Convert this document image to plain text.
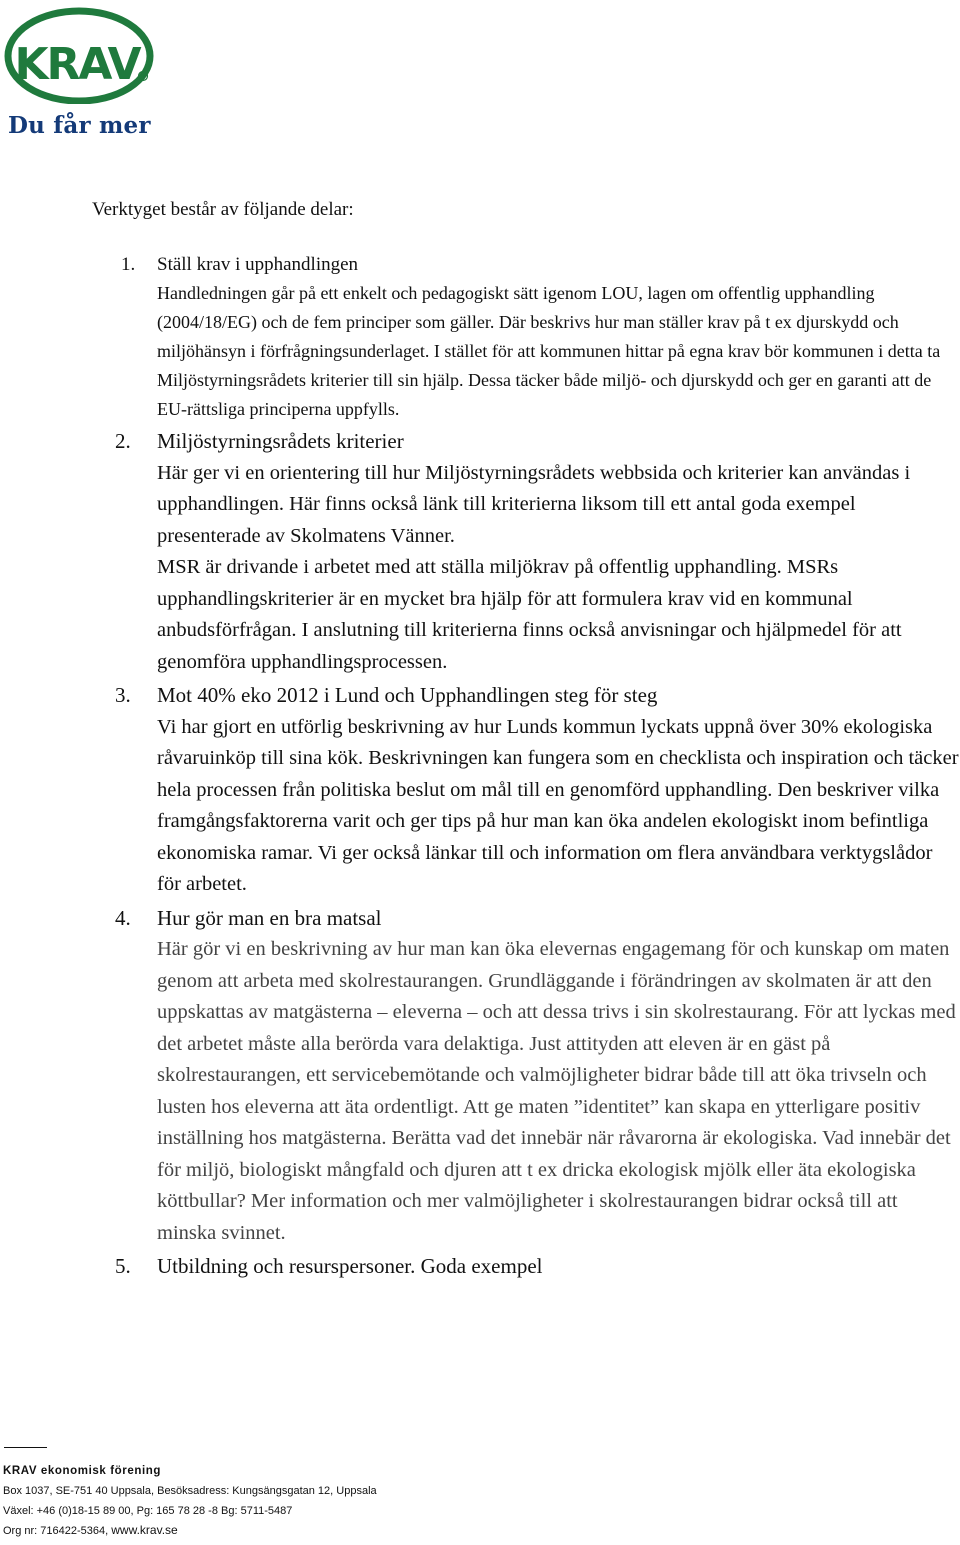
KRAV R
Du får mer
Verktyget består av följande delar:
1. Ställ krav i upphandlingen
Handledningen går på ett enkelt och pedagogiskt sätt igenom LOU, lagen om offentlig upphandling (2004/18/EG) och de fem principer som gäller. Där beskrivs hur man ställer krav på t ex djurskydd och miljöhänsyn i förfrågningsunderlaget. I stället för att kommunen hittar på egna krav bör kommunen i detta ta Miljöstyrningsrådets kriterier till sin hjälp. Dessa täcker både miljö- och djurskydd och ger en garanti att de EU-rättsliga principerna uppfylls.
2. Miljöstyrningsrådets kriterier
Här ger vi en orientering till hur Miljöstyrningsrådets webbsida och kriterier kan användas i upphandlingen. Här finns också länk till kriterierna liksom till ett antal goda exempel presenterade av Skolmatens Vänner.
MSR är drivande i arbetet med att ställa miljökrav på offentlig upphandling. MSRs upphandlingskriterier är en mycket bra hjälp för att formulera krav vid en kommunal anbudsförfrågan. I anslutning till kriterierna finns också anvisningar och hjälpmedel för att genomföra upphandlingsprocessen.
3. Mot 40% eko 2012 i Lund och Upphandlingen steg för steg
Vi har gjort en utförlig beskrivning av hur Lunds kommun lyckats uppnå över 30% ekologiska råvaruinköp till sina kök. Beskrivningen kan fungera som en checklista och inspiration och täcker hela processen från politiska beslut om mål till en genomförd upphandling. Den beskriver vilka framgångsfaktorerna varit och ger tips på hur man kan öka andelen ekologiskt inom befintliga ekonomiska ramar. Vi ger också länkar till och information om flera användbara verktygslådor för arbetet.
4. Hur gör man en bra matsal
Här gör vi en beskrivning av hur man kan öka elevernas engagemang för och kunskap om maten genom att arbeta med skolrestaurangen. Grundläggande i förändringen av skolmaten är att den uppskattas av matgästerna – eleverna – och att dessa trivs i sin skolrestaurang. För att lyckas med det arbetet måste alla berörda vara delaktiga. Just attityden att eleven är en gäst på skolrestaurangen, ett servicebemötande och valmöjligheter bidrar både till att öka trivseln och lusten hos eleverna att äta ordentligt. Att ge maten ”identitet” kan skapa en ytterligare positiv inställning hos matgästerna. Berätta vad det innebär när råvarorna är ekologiska. Vad innebär det för miljö, biologiskt mångfald och djuren att t ex dricka ekologisk mjölk eller äta ekologiska köttbullar? Mer information och mer valmöjligheter i skolrestaurangen bidrar också till att minska svinnet.
5. Utbildning och resurspersoner. Goda exempel
KRAV ekonomisk förening
Box 1037, SE-751 40 Uppsala, Besöksadress: Kungsängsgatan 12, Uppsala
Växel: +46 (0)18-15 89 00, Pg: 165 78 28 -8 Bg: 5711-5487
Org nr: 716422-5364, www.krav.se
